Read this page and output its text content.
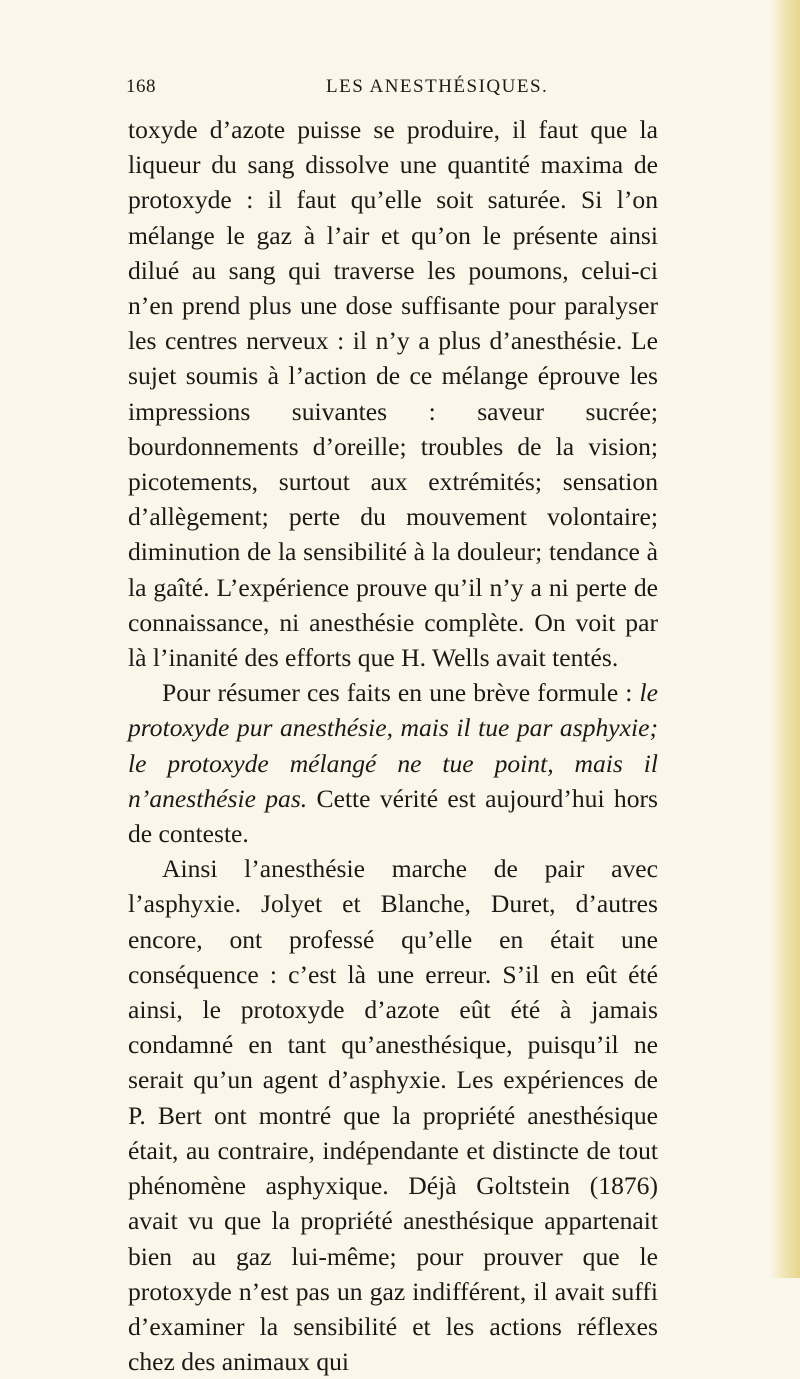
168	LES ANESTHÉSIQUES.

toxyde d’azote puisse se produire, il faut que la liqueur du sang dissolve une quantité maxima de protoxyde : il faut qu’elle soit saturée. Si l’on mélange le gaz à l’air et qu’on le présente ainsi dilué au sang qui traverse les poumons, celui-ci n’en prend plus une dose suffisante pour paralyser les centres nerveux : il n’y a plus d’anesthésie. Le sujet soumis à l’action de ce mélange éprouve les impressions suivantes : saveur sucrée; bourdonnements d’oreille; troubles de la vision; picotements, surtout aux extrémités; sensation d’allègement; perte du mouvement volontaire; diminution de la sensibilité à la douleur; tendance à la gaîté. L’expérience prouve qu’il n’y a ni perte de connaissance, ni anesthésie complète. On voit par là l’inanité des efforts que H. Wells avait tentés.

Pour résumer ces faits en une brève formule : le protoxyde pur anesthésie, mais il tue par asphyxie; le protoxyde mélangé ne tue point, mais il n’anesthésie pas. Cette vérité est aujourd’hui hors de conteste.

Ainsi l’anesthésie marche de pair avec l’asphyxie. Jolyet et Blanche, Duret, d’autres encore, ont professé qu’elle en était une conséquence : c’est là une erreur. S’il en eût été ainsi, le protoxyde d’azote eût été à jamais condamné en tant qu’anesthésique, puisqu’il ne serait qu’un agent d’asphyxie. Les expériences de P. Bert ont montré que la propriété anesthésique était, au contraire, indépendante et distincte de tout phénomène asphyxique. Déjà Goltstein (1876) avait vu que la propriété anesthésique appartenait bien au gaz lui-même; pour prouver que le protoxyde n’est pas un gaz indifférent, il avait suffi d’examiner la sensibilité et les actions réflexes chez des animaux qui
